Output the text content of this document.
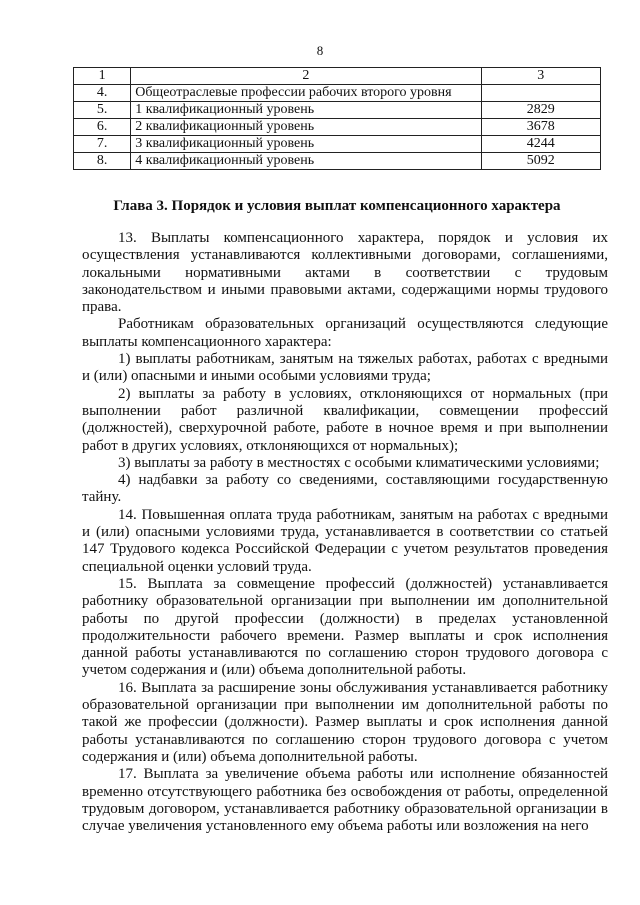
8
1	2	3
4.	Общеотраслевые профессии рабочих второго уровня	
5.	1 квалификационный уровень	2829
6.	2 квалификационный уровень	3678
7.	3 квалификационный уровень	4244
8.	4 квалификационный уровень	5092
Глава 3. Порядок и условия выплат компенсационного характера

13. Выплаты компенсационного характера, порядок и условия их осуществления устанавливаются коллективными договорами, соглашениями, локальными нормативными актами в соответствии с трудовым законодательством и иными правовыми актами, содержащими нормы трудового права.

Работникам образовательных организаций осуществляются следующие выплаты компенсационного характера:

1) выплаты работникам, занятым на тяжелых работах, работах с вредными и (или) опасными и иными особыми условиями труда;

2) выплаты за работу в условиях, отклоняющихся от нормальных (при выполнении работ различной квалификации, совмещении профессий (должностей), сверхурочной работе, работе в ночное время и при выполнении работ в других условиях, отклоняющихся от нормальных);

3) выплаты за работу в местностях с особыми климатическими условиями;

4) надбавки за работу со сведениями, составляющими государственную тайну.

14. Повышенная оплата труда работникам, занятым на работах с вредными и (или) опасными условиями труда, устанавливается в соответствии со статьей 147 Трудового кодекса Российской Федерации с учетом результатов проведения специальной оценки условий труда.

15. Выплата за совмещение профессий (должностей) устанавливается работнику образовательной организации при выполнении им дополнительной работы по другой профессии (должности) в пределах установленной продолжительности рабочего времени. Размер выплаты и срок исполнения данной работы устанавливаются по соглашению сторон трудового договора с учетом содержания и (или) объема дополнительной работы.

16. Выплата за расширение зоны обслуживания устанавливается работнику образовательной организации при выполнении им дополнительной работы по такой же профессии (должности). Размер выплаты и срок исполнения данной работы устанавливаются по соглашению сторон трудового договора с учетом содержания и (или) объема дополнительной работы.

17. Выплата за увеличение объема работы или исполнение обязанностей временно отсутствующего работника без освобождения от работы, определенной трудовым договором, устанавливается работнику образовательной организации в случае увеличения установленного ему объема работы или возложения на него
